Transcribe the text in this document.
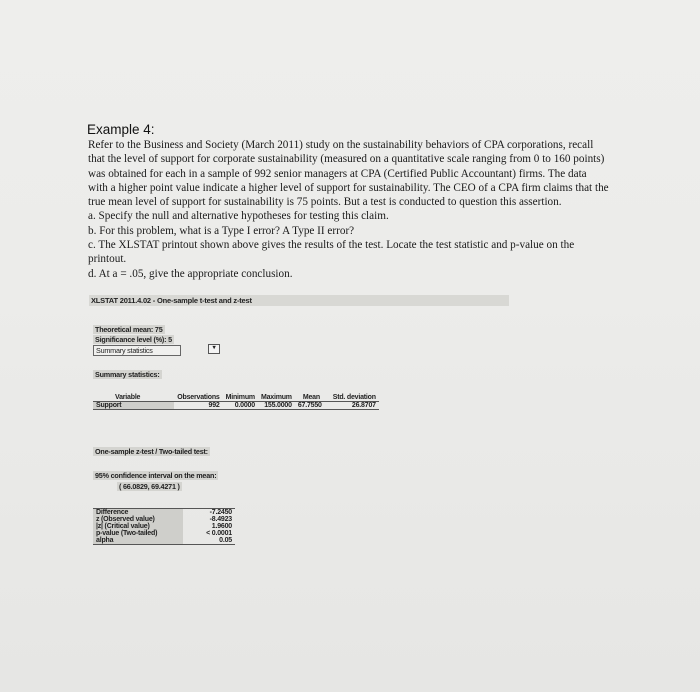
Example 4:

Refer to the Business and Society (March 2011) study on the sustainability behaviors of CPA corporations, recall

that the level of support for corporate sustainability (measured on a quantitative scale ranging from 0 to 160 points)

was obtained for each in a sample of 992 senior managers at CPA (Certified Public Accountant) firms. The data

with a higher point value indicate a higher level of support for sustainability. The CEO of a CPA firm claims that the

true mean level of support for sustainability is 75 points. But a test is conducted to question this assertion.

a. Specify the null and alternative hypotheses for testing this claim.

b. For this problem, what is a Type I error? A Type II error?

c. The XLSTAT printout shown above gives the results of the test. Locate the test statistic and p-value on the

printout.

d. At a = .05, give the appropriate conclusion.

XLSTAT 2011.4.02 - One-sample t-test and z-test
Theoretical mean: 75
Significance level (%): 5
Summary statistics	▾
Summary statistics:
Variable	Observations	Minimum	Maximum	Mean	Std. deviation
Support	992	0.0000	155.0000	67.7550	26.8707
One-sample z-test / Two-tailed test:
95% confidence interval on the mean:
( 66.0829, 69.4271 )
Difference	-7.2450
z (Observed value)	-8.4923
|z| (Critical value)	1.9600
p-value (Two-tailed)	< 0.0001
alpha	0.05
